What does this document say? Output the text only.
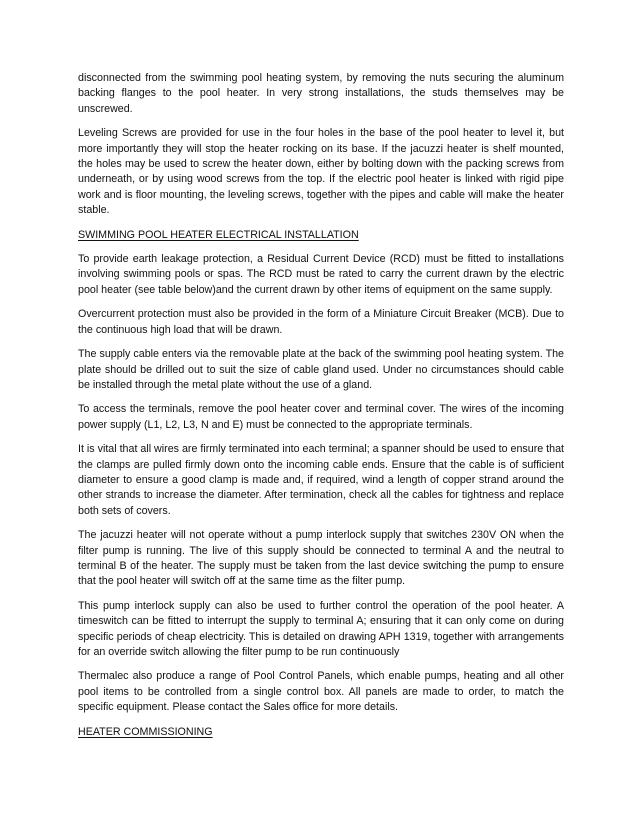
disconnected from the swimming pool heating system, by removing the nuts securing the aluminum backing flanges to the pool heater. In very strong installations, the studs themselves may be unscrewed.

Leveling Screws are provided for use in the four holes in the base of the pool heater to level it, but more importantly they will stop the heater rocking on its base. If the jacuzzi heater is shelf mounted, the holes may be used to screw the heater down, either by bolting down with the packing screws from underneath, or by using wood screws from the top. If the electric pool heater is linked with rigid pipe work and is floor mounting, the leveling screws, together with the pipes and cable will make the heater stable.

SWIMMING POOL HEATER ELECTRICAL INSTALLATION

To provide earth leakage protection, a Residual Current Device (RCD) must be fitted to installations involving swimming pools or spas. The RCD must be rated to carry the current drawn by the electric pool heater (see table below)and the current drawn by other items of equipment on the same supply.

Overcurrent protection must also be provided in the form of a Miniature Circuit Breaker (MCB). Due to the continuous high load that will be drawn.

The supply cable enters via the removable plate at the back of the swimming pool heating system. The plate should be drilled out to suit the size of cable gland used. Under no circumstances should cable be installed through the metal plate without the use of a gland.

To access the terminals, remove the pool heater cover and terminal cover. The wires of the incoming power supply (L1, L2, L3, N and E) must be connected to the appropriate terminals.

It is vital that all wires are firmly terminated into each terminal; a spanner should be used to ensure that the clamps are pulled firmly down onto the incoming cable ends. Ensure that the cable is of sufficient diameter to ensure a good clamp is made and, if required, wind a length of copper strand around the other strands to increase the diameter. After termination, check all the cables for tightness and replace both sets of covers.

The jacuzzi heater will not operate without a pump interlock supply that switches 230V ON when the filter pump is running. The live of this supply should be connected to terminal A and the neutral to terminal B of the heater. The supply must be taken from the last device switching the pump to ensure that the pool heater will switch off at the same time as the filter pump.

This pump interlock supply can also be used to further control the operation of the pool heater. A timeswitch can be fitted to interrupt the supply to terminal A; ensuring that it can only come on during specific periods of cheap electricity. This is detailed on drawing APH 1319, together with arrangements for an override switch allowing the filter pump to be run continuously

Thermalec also produce a range of Pool Control Panels, which enable pumps, heating and all other pool items to be controlled from a single control box. All panels are made to order, to match the specific equipment. Please contact the Sales office for more details.

HEATER COMMISSIONING
